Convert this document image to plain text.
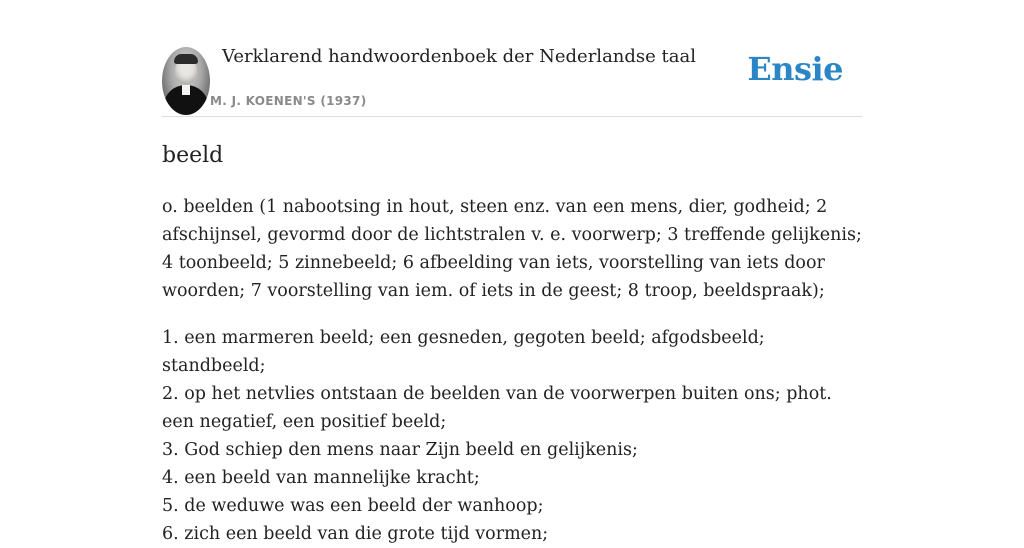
Verklarend handwoordenboek der Nederlandse taal
M. J. KOENEN'S (1937)
Ensie
beeld
o. beelden (1 nabootsing in hout, steen enz. van een mens, dier, godheid; 2 afschijnsel, gevormd door de lichtstralen v. e. voorwerp; 3 treffende gelijkenis; 4 toonbeeld; 5 zinnebeeld; 6 afbeelding van iets, voorstelling van iets door woorden; 7 voorstelling van iem. of iets in de geest; 8 troop, beeldspraak);
1. een marmeren beeld; een gesneden, gegoten beeld; afgodsbeeld; standbeeld;
2. op het netvlies ontstaan de beelden van de voorwerpen buiten ons; phot. een negatief, een positief beeld;
3. God schiep den mens naar Zijn beeld en gelijkenis;
4. een beeld van mannelijke kracht;
5. de weduwe was een beeld der wanhoop;
6. zich een beeld van die grote tijd vormen;
